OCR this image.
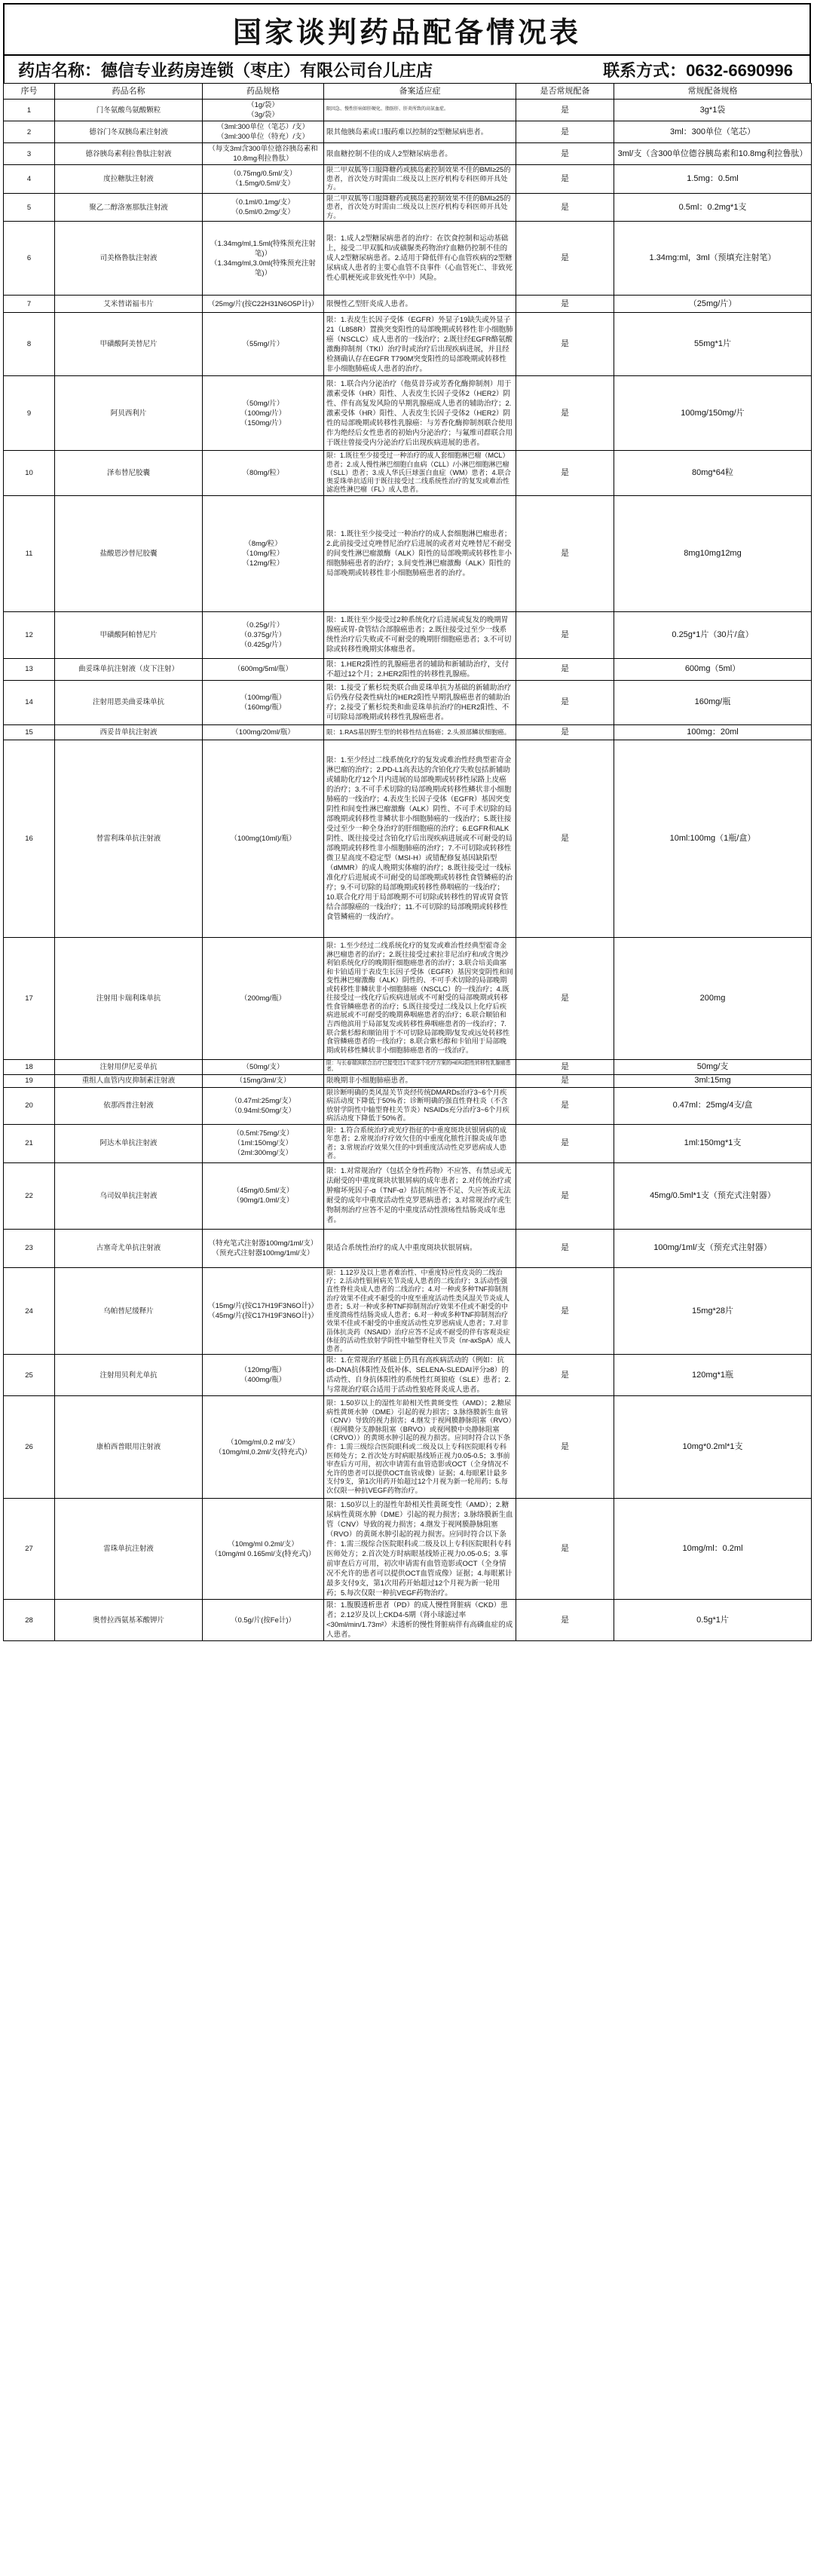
国家谈判药品配备情况表
药店名称：德信专业药房连锁（枣庄）有限公司台儿庄店	联系方式：0632-6690996
序号	药品名称	药品规格	备案适应症	是否常规配备	常规配备规格
1	门冬氨酸鸟氨酸颗粒	（1g/袋）
（3g/袋）	限因急、慢性肝病如肝硬化、脂肪肝、肝炎所致的高氨血症。	是	3g*1袋
2	德谷门冬双胰岛素注射液	（3ml:300单位（笔芯）/支）
（3ml:300单位（特充）/支）	限其他胰岛素或口服药难以控制的2型糖尿病患者。	是	3ml：300单位（笔芯）
3	德谷胰岛素利拉鲁肽注射液	（每支3ml含300单位德谷胰岛素和10.8mg利拉鲁肽）	限血糖控制不佳的成人2型糖尿病患者。	是	3ml/支（含300单位德谷胰岛素和10.8mg利拉鲁肽）
4	度拉糖肽注射液	（0.75mg/0.5ml/支）
（1.5mg/0.5ml/支）	限二甲双胍等口服降糖药或胰岛素控制效果不佳的BMI≥25的患者，首次处方时需由二级及以上医疗机构专科医师开具处方。	是	1.5mg：0.5ml
5	聚乙二醇洛塞那肽注射液	（0.1ml/0.1mg/支）
（0.5ml/0.2mg/支）	限二甲双胍等口服降糖药或胰岛素控制效果不佳的BMI≥25的患者，首次处方时需由二级及以上医疗机构专科医师开具处方。	是	0.5ml：0.2mg*1支
6	司美格鲁肽注射液	（1.34mg/ml,1.5ml(特殊预充注射笔)）
（1.34mg/ml,3.0ml(特殊预充注射笔)）	限：1.成人2型糖尿病患者的治疗：在饮食控制和运动基础上，接受二甲双胍和/或磺脲类药物治疗血糖仍控制不佳的成人2型糖尿病患者。2.适用于降低伴有心血管疾病的2型糖尿病成人患者的主要心血管不良事件（心血管死亡、非致死性心肌梗死或非致死性卒中）风险。	是	1.34mg:ml，3ml（预填充注射笔）
7	艾米替诺福韦片	（25mg/片(按C22H31N6O5P计)）	限慢性乙型肝炎成人患者。	是	（25mg/片）
8	甲磺酸阿美替尼片	（55mg/片）	限：1.表皮生长因子受体（EGFR）外显子19缺失或外显子21（L858R）置换突变阳性的局部晚期或转移性非小细胞肺癌（NSCLC）成人患者的一线治疗；2.既往经EGFR酪氨酸激酶抑制剂（TKI）治疗时或治疗后出现疾病进展，并且经检测确认存在EGFR T790M突变阳性的局部晚期或转移性非小细胞肺癌成人患者的治疗。	是	55mg*1片
9	阿贝西利片	（50mg/片）
（100mg/片）
（150mg/片）	限：1.联合内分泌治疗（他莫昔芬或芳香化酶抑制剂）用于激素受体（HR）阳性、人表皮生长因子受体2（HER2）阴性、伴有高复发风险的早期乳腺癌成人患者的辅助治疗；2.激素受体（HR）阳性、人表皮生长因子受体2（HER2）阴性的局部晚期或转移性乳腺癌：与芳香化酶抑制剂联合使用作为绝经后女性患者的初始内分泌治疗；与氟维司群联合用于既往曾接受内分泌治疗后出现疾病进展的患者。	是	100mg/150mg/片
10	泽布替尼胶囊	（80mg/粒）	限：1.既往至少接受过一种治疗的成人套细胞淋巴瘤（MCL）患者；2.成人慢性淋巴细胞白血病（CLL）/小淋巴细胞淋巴瘤（SLL）患者；3.成人华氏巨球蛋白血症（WM）患者；4.联合奥妥珠单抗适用于既往接受过二线系统性治疗的复发或难治性滤泡性淋巴瘤（FL）成人患者。	是	80mg*64粒
11	盐酸恩沙替尼胶囊	（8mg/粒）
（10mg/粒）
（12mg/粒）	限：1.既往至少接受过一种治疗的成人套细胞淋巴瘤患者；2.此前接受过克唑替尼治疗后进展的或者对克唑替尼不耐受的间变性淋巴瘤激酶（ALK）阳性的局部晚期或转移性非小细胞肺癌患者的治疗；3.间变性淋巴瘤激酶（ALK）阳性的局部晚期或转移性非小细胞肺癌患者的治疗。	是	8mg10mg12mg
12	甲磺酸阿帕替尼片	（0.25g/片）
（0.375g/片）
（0.425g/片）	限：1.既往至少接受过2种系统化疗后进展或复发的晚期胃腺癌或胃-食管结合部腺癌患者；2.既往接受过至少一线系统性治疗后失败或不可耐受的晚期肝细胞癌患者；3.不可切除或转移性晚期实体瘤患者。	是	0.25g*1片（30片/盒）
13	曲妥珠单抗注射液（皮下注射）	（600mg/5ml/瓶）	限：1.HER2阳性的乳腺癌患者的辅助和新辅助治疗，支付不超过12个月；2.HER2阳性的转移性乳腺癌。	是	600mg（5ml）
14	注射用恩美曲妥珠单抗	（100mg/瓶）
（160mg/瓶）	限：1.接受了紫杉烷类联合曲妥珠单抗为基础的新辅助治疗后仍残存侵袭性病灶的HER2阳性早期乳腺癌患者的辅助治疗；2.接受了紫杉烷类和曲妥珠单抗治疗的HER2阳性、不可切除局部晚期或转移性乳腺癌患者。	是	160mg/瓶
15	西妥昔单抗注射液	（100mg/20ml/瓶）	限：1.RAS基因野生型的转移性结直肠癌；2.头颈部鳞状细胞癌。	是	100mg：20ml
16	替雷利珠单抗注射液	（100mg(10ml)/瓶）	限：1.至少经过二线系统化疗的复发或难治性经典型霍奇金淋巴瘤的治疗；2.PD-L1高表达的含铂化疗失败包括新辅助或辅助化疗12个月内进展的局部晚期或转移性尿路上皮癌的治疗；3.不可手术切除的局部晚期或转移性鳞状非小细胞肺癌的一线治疗；4.表皮生长因子受体（EGFR）基因突变阴性和间变性淋巴瘤激酶（ALK）阴性、不可手术切除的局部晚期或转移性非鳞状非小细胞肺癌的一线治疗；5.既往接受过至少一种全身治疗的肝细胞癌的治疗；6.EGFR和ALK阴性、既往接受过含铂化疗后出现疾病进展或不可耐受的局部晚期或转移性非小细胞肺癌的治疗；7.不可切除或转移性微卫星高度不稳定型（MSI-H）或错配修复基因缺陷型（dMMR）的成人晚期实体瘤的治疗；8.既往接受过一线标准化疗后进展或不可耐受的局部晚期或转移性食管鳞癌的治疗；9.不可切除的局部晚期或转移性鼻咽癌的一线治疗；10.联合化疗用于局部晚期不可切除或转移性的胃或胃食管结合部腺癌的一线治疗；11.不可切除的局部晚期或转移性食管鳞癌的一线治疗。	是	10ml:100mg（1瓶/盒）
17	注射用卡瑞利珠单抗	（200mg/瓶）	限：1.至少经过二线系统化疗的复发或难治性经典型霍奇金淋巴瘤患者的治疗；2.既往接受过索拉非尼治疗和/或含奥沙利铂系统化疗的晚期肝细胞癌患者的治疗；3.联合培美曲塞和卡铂适用于表皮生长因子受体（EGFR）基因突变阴性和间变性淋巴瘤激酶（ALK）阴性的、不可手术切除的局部晚期或转移性非鳞状非小细胞肺癌（NSCLC）的一线治疗；4.既往接受过一线化疗后疾病进展或不可耐受的局部晚期或转移性食管鳞癌患者的治疗；5.既往接受过二线及以上化疗后疾病进展或不可耐受的晚期鼻咽癌患者的治疗；6.联合顺铂和吉西他滨用于局部复发或转移性鼻咽癌患者的一线治疗；7.联合紫杉醇和顺铂用于不可切除局部晚期/复发或远处转移性食管鳞癌患者的一线治疗；8.联合紫杉醇和卡铂用于局部晚期或转移性鳞状非小细胞肺癌患者的一线治疗。	是	200mg
18	注射用伊尼妥单抗	（50mg/支）	限：与长春瑞滨联合治疗已接受过1个或多个化疗方案的HER2阳性转移性乳腺癌患者。	是	50mg/支
19	重组人血管内皮抑制素注射液	（15mg/3ml/支）	限晚期非小细胞肺癌患者。	是	3ml:15mg
20	依那西普注射液	（0.47ml:25mg/支）
（0.94ml:50mg/支）	限诊断明确的类风湿关节炎经传统DMARDs治疗3~6个月疾病活动度下降低于50%者；诊断明确的强直性脊柱炎（不含放射学阴性中轴型脊柱关节炎）NSAIDs充分治疗3~6个月疾病活动度下降低于50%者。	是	0.47ml：25mg/4支/盒
21	阿达木单抗注射液	（0.5ml:75mg/支）
（1ml:150mg/支）
（2ml:300mg/支）	限：1.符合系统治疗或光疗指征的中重度斑块状银屑病的成年患者；2.常规治疗疗效欠佳的中重度化脓性汗腺炎成年患者；3.常规治疗效果欠佳的中到重度活动性克罗恩病成人患者。	是	1ml:150mg*1支
22	乌司奴单抗注射液	（45mg/0.5ml/支）
（90mg/1.0ml/支）	限：1.对常规治疗（包括全身性药物）不应答、有禁忌或无法耐受的中重度斑块状银屑病的成年患者；2.对传统治疗或肿瘤坏死因子-α（TNF-α）拮抗剂应答不足、失应答或无法耐受的成年中重度活动性克罗恩病患者；3.对常规治疗或生物制剂治疗应答不足的中重度活动性溃疡性结肠炎成年患者。	是	45mg/0.5ml*1支（预充式注射器）
23	古塞奇尤单抗注射液	（特充笔式注射器100mg/1ml/支）
（预充式注射器100mg/1ml/支）	限适合系统性治疗的成人中重度斑块状银屑病。	是	100mg/1ml/支（预充式注射器）
24	乌帕替尼缓释片	（15mg/片(按C17H19F3N6O计)）
（45mg/片(按C17H19F3N6O计)）	限：1.12岁及以上患者难治性、中重度特应性皮炎的二线治疗；2.活动性银屑病关节炎成人患者的二线治疗；3.活动性强直性脊柱炎成人患者的二线治疗；4.对一种或多种TNF抑制剂治疗效果不佳或不耐受的中度至重度活动性类风湿关节炎成人患者；5.对一种或多种TNF抑制剂治疗效果不佳或不耐受的中重度溃疡性结肠炎成人患者；6.对一种或多种TNF抑制剂治疗效果不佳或不耐受的中重度活动性克罗恩病成人患者；7.对非甾体抗炎药（NSAID）治疗应答不足或不耐受的伴有客观炎症体征的活动性放射学阴性中轴型脊柱关节炎（nr-axSpA）成人患者。	是	15mg*28片
25	注射用贝利尤单抗	（120mg/瓶）
（400mg/瓶）	限：1.在常规治疗基础上仍具有高疾病活动的（例如：抗ds-DNA抗体阳性及低补体、SELENA-SLEDAI评分≥8）的活动性、自身抗体阳性的系统性红斑狼疮（SLE）患者；2.与常规治疗联合适用于活动性狼疮肾炎成人患者。	是	120mg*1瓶
26	康柏西普眼用注射液	（10mg/ml,0.2 ml/支）
（10mg/ml,0.2ml/支(特充式)）	限：1.50岁以上的湿性年龄相关性黄斑变性（AMD）；2.糖尿病性黄斑水肿（DME）引起的视力损害；3.脉络膜新生血管（CNV）导致的视力损害；4.继发于视网膜静脉阻塞（RVO）（视网膜分支静脉阻塞（BRVO）或视网膜中央静脉阻塞（CRVO））的黄斑水肿引起的视力损害。应同时符合以下条件：1.需三级综合医院眼科或二级及以上专科医院眼科专科医师处方；2.首次处方时病眼基线矫正视力0.05-0.5；3.事前审查后方可用，初次申请需有血管造影或OCT（全身情况不允许的患者可以提供OCT血管成像）证据；4.每眼累计最多支付9支，第1次用药开始超过12个月视为新一轮用药；5.每次仅限一种抗VEGF药物治疗。	是	10mg*0.2ml*1支
27	雷珠单抗注射液	（10mg/ml 0.2ml/支）
（10mg/ml 0.165ml/支(特充式)）	限：1.50岁以上的湿性年龄相关性黄斑变性（AMD）；2.糖尿病性黄斑水肿（DME）引起的视力损害；3.脉络膜新生血管（CNV）导致的视力损害；4.继发于视网膜静脉阻塞（RVO）的黄斑水肿引起的视力损害。应同时符合以下条件：1.需三级综合医院眼科或二级及以上专科医院眼科专科医师处方；2.首次处方时病眼基线矫正视力0.05-0.5；3.事前审查后方可用，初次申请需有血管造影或OCT（全身情况不允许的患者可以提供OCT血管成像）证据；4.每眼累计最多支付9支，第1次用药开始超过12个月视为新一轮用药；5.每次仅限一种抗VEGF药物治疗。	是	10mg/ml：0.2ml
28	奥替拉西氨基苯酸钾片	（0.5g/片(按Fe计)）	限：1.腹膜透析患者（PD）的成人慢性肾脏病（CKD）患者；2.12岁及以上CKD4-5期（肾小球滤过率<30ml/min/1.73m²）未透析的慢性肾脏病伴有高磷血症的成人患者。	是	0.5g*1片
